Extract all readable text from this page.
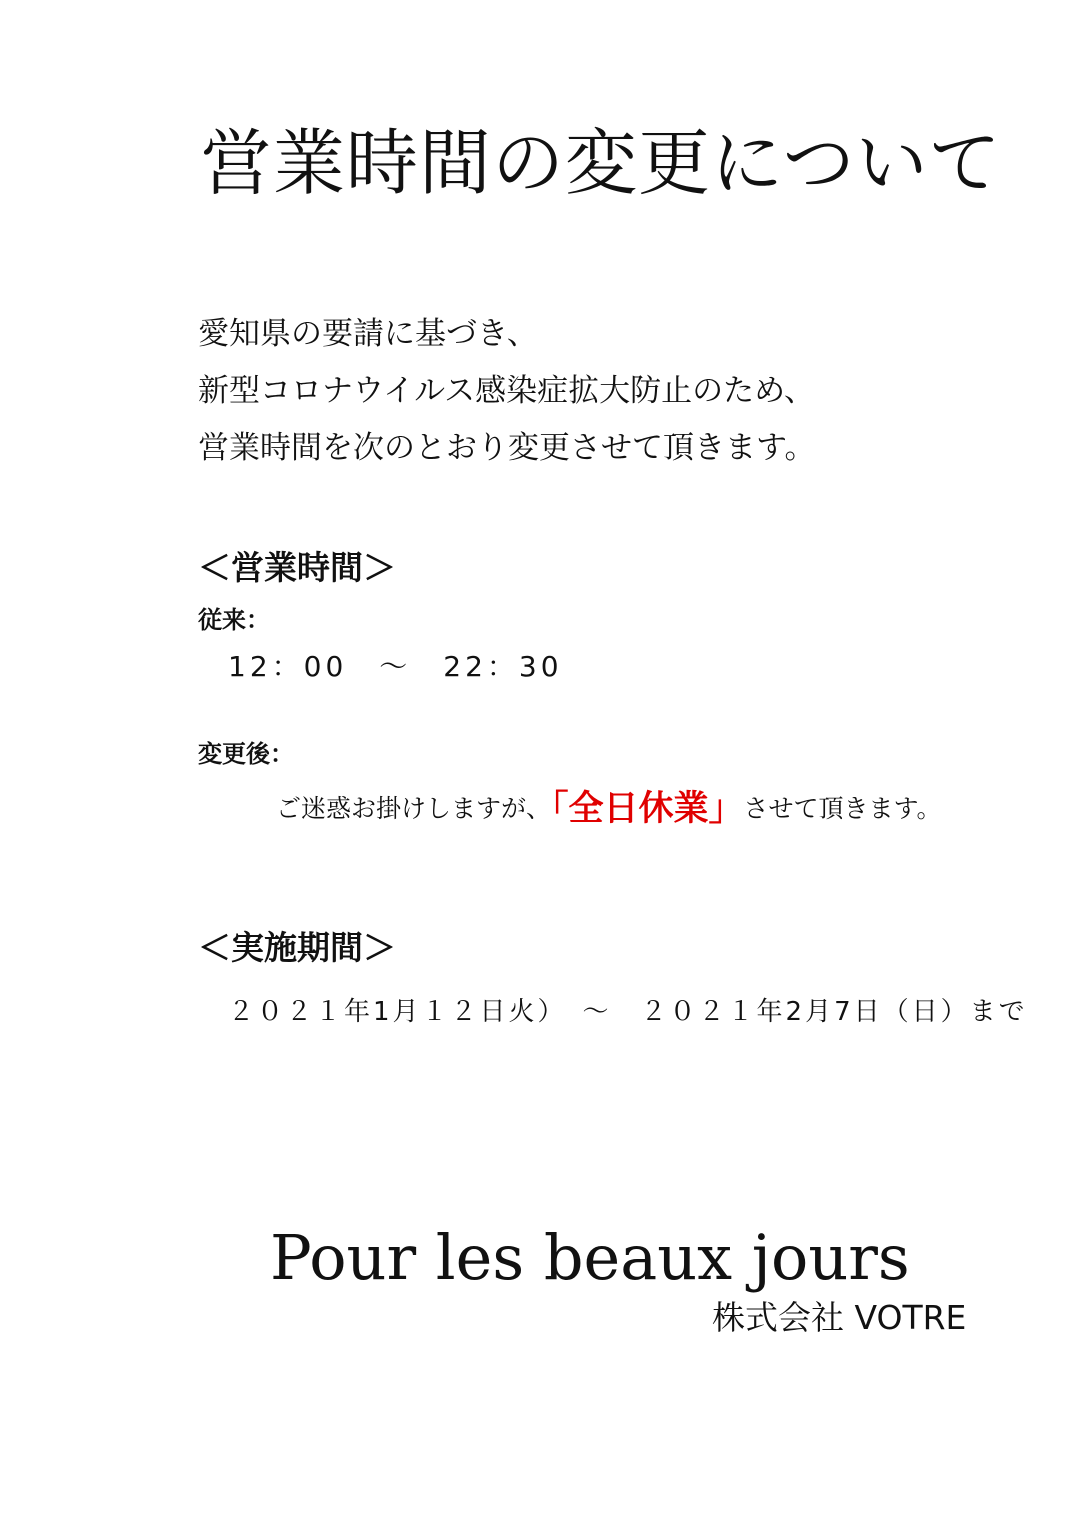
営業時間の変更について
愛知県の要請に基づき、
新型コロナウイルス感染症拡大防止のため、
営業時間を次のとおり変更させて頂きます。
＜営業時間＞
従来：
12：00　～　22：30
変更後：
ご迷惑お掛けしますが、「全日休業」させて頂きます。
＜実施期間＞
２０２１年1月１２日火）　～　２０２１年2月7日（日）まで
Pour les beaux jours
株式会社 VOTRE
